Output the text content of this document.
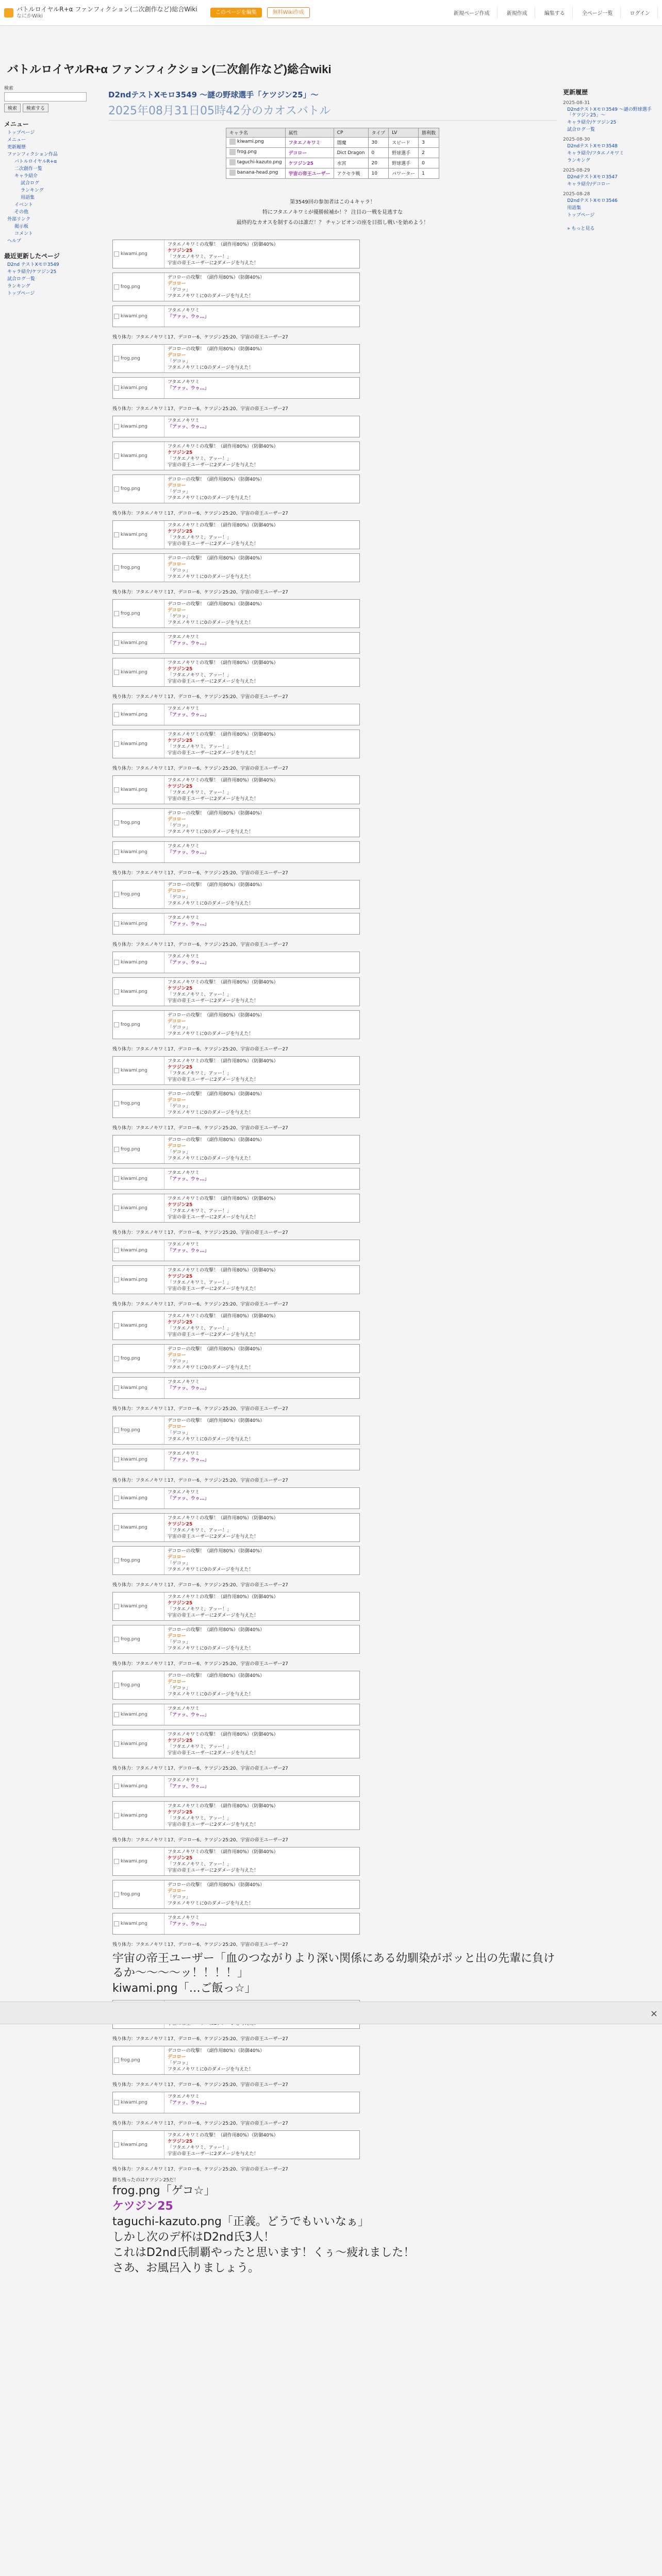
バトルロイヤルR+α ファンフィクション(二次創作など)総合Wiki
なにかWiki
このページを編集	無料Wiki作成	新規ページ作成	新規作成	編集する	全ページ一覧	ログイン
バトルロイヤルR+α ファンフィクション(二次創作など)総合wiki
検索
検索	検索する
メニュー
トップページ
メニュー
更新履歴
ファンフィクション作品
バトルロイヤルR+α
二次創作一覧
キャラ紹介
試合ログ
ランキング
用語集
イベント
その他
外部リンク
掲示板
コメント
ヘルプ
最近更新したページ
D2nd テストXモロ3549
キャラ紹介/ケツジン25
試合ログ一覧
ランキング
トップページ
更新履歴
2025-08-31
D2ndテストXモロ3549 〜謎の野球選手「ケツジン25」〜
キャラ紹介/ケツジン25
試合ログ一覧
2025-08-30
D2ndテストXモロ3548
キャラ紹介/フタエノキワミ
ランキング
2025-08-29
D2ndテストXモロ3547
キャラ紹介/デコロー
2025-08-28
D2ndテストXモロ3546
用語集
トップページ
» もっと見る
D2ndテストXモロ3549 〜謎の野球選手「ケツジン25」〜
2025年08月31日05時42分のカオスバトル
キャラ名	属性	CP	タイプ	LV	勝利数

kiwami.png	フタエノキワミ	闇魔	30	スピード	3

frog.png	デコロー	Dict Dragon	0	野球選手	2

taguchi-kazuto.png	ケツジン25	水宮	20	野球選手	0

banana-head.png	宇宙の帝王ユーザー	アクセラ戦	10	パワーター	1
第3549回の参加者はこの４キャラ！
特にフタエノキワミが優勝候補か！？ 注目の一戦を見逃すな
最終的なカオスを制するのは誰だ！？ チャンピオンの座を目指し戦いを始めよう！
kiwami.png
フタエノキワミの攻撃！（副作用80%）（防御40%）
ケツジン25
「フタエノキワミ、アッー！」
宇宙の帝王ユーザーに2ダメージを与えた！
frog.png
デコローの攻撃！（副作用80%）（防御40%）
デコロー
「ゲコッ」
フタエノキワミに0のダメージを与えた！
kiwami.png
フタエノキワミ
「アァッ、ウゥ…」
残り体力：フタエノキワミ17、デコロー6、ケツジン25:20、宇宙の帝王ユーザー27
frog.png
デコローの攻撃！（副作用80%）（防御40%）
デコロー
「ゲコッ」
フタエノキワミに0のダメージを与えた！
kiwami.png
フタエノキワミ
「アァッ、ウゥ…」
残り体力：フタエノキワミ17、デコロー6、ケツジン25:20、宇宙の帝王ユーザー27
kiwami.png
フタエノキワミ
「アァッ、ウゥ…」
kiwami.png
フタエノキワミの攻撃！（副作用80%）（防御40%）
ケツジン25
「フタエノキワミ、アッー！」
宇宙の帝王ユーザーに2ダメージを与えた！
frog.png
デコローの攻撃！（副作用80%）（防御40%）
デコロー
「ゲコッ」
フタエノキワミに0のダメージを与えた！
残り体力：フタエノキワミ17、デコロー6、ケツジン25:20、宇宙の帝王ユーザー27
kiwami.png
フタエノキワミの攻撃！（副作用80%）（防御40%）
ケツジン25
「フタエノキワミ、アッー！」
宇宙の帝王ユーザーに2ダメージを与えた！
frog.png
デコローの攻撃！（副作用80%）（防御40%）
デコロー
「ゲコッ」
フタエノキワミに0のダメージを与えた！
残り体力：フタエノキワミ17、デコロー6、ケツジン25:20、宇宙の帝王ユーザー27
frog.png
デコローの攻撃！（副作用80%）（防御40%）
デコロー
「ゲコッ」
フタエノキワミに0のダメージを与えた！
kiwami.png
フタエノキワミ
「アァッ、ウゥ…」
kiwami.png
フタエノキワミの攻撃！（副作用80%）（防御40%）
ケツジン25
「フタエノキワミ、アッー！」
宇宙の帝王ユーザーに2ダメージを与えた！
残り体力：フタエノキワミ17、デコロー6、ケツジン25:20、宇宙の帝王ユーザー27
kiwami.png
フタエノキワミ
「アァッ、ウゥ…」
kiwami.png
フタエノキワミの攻撃！（副作用80%）（防御40%）
ケツジン25
「フタエノキワミ、アッー！」
宇宙の帝王ユーザーに2ダメージを与えた！
残り体力：フタエノキワミ17、デコロー6、ケツジン25:20、宇宙の帝王ユーザー27
kiwami.png
フタエノキワミの攻撃！（副作用80%）（防御40%）
ケツジン25
「フタエノキワミ、アッー！」
宇宙の帝王ユーザーに2ダメージを与えた！
frog.png
デコローの攻撃！（副作用80%）（防御40%）
デコロー
「ゲコッ」
フタエノキワミに0のダメージを与えた！
kiwami.png
フタエノキワミ
「アァッ、ウゥ…」
残り体力：フタエノキワミ17、デコロー6、ケツジン25:20、宇宙の帝王ユーザー27
frog.png
デコローの攻撃！（副作用80%）（防御40%）
デコロー
「ゲコッ」
フタエノキワミに0のダメージを与えた！
kiwami.png
フタエノキワミ
「アァッ、ウゥ…」
残り体力：フタエノキワミ17、デコロー6、ケツジン25:20、宇宙の帝王ユーザー27
kiwami.png
フタエノキワミ
「アァッ、ウゥ…」
kiwami.png
フタエノキワミの攻撃！（副作用80%）（防御40%）
ケツジン25
「フタエノキワミ、アッー！」
宇宙の帝王ユーザーに2ダメージを与えた！
frog.png
デコローの攻撃！（副作用80%）（防御40%）
デコロー
「ゲコッ」
フタエノキワミに0のダメージを与えた！
残り体力：フタエノキワミ17、デコロー6、ケツジン25:20、宇宙の帝王ユーザー27
kiwami.png
フタエノキワミの攻撃！（副作用80%）（防御40%）
ケツジン25
「フタエノキワミ、アッー！」
宇宙の帝王ユーザーに2ダメージを与えた！
frog.png
デコローの攻撃！（副作用80%）（防御40%）
デコロー
「ゲコッ」
フタエノキワミに0のダメージを与えた！
残り体力：フタエノキワミ17、デコロー6、ケツジン25:20、宇宙の帝王ユーザー27
frog.png
デコローの攻撃！（副作用80%）（防御40%）
デコロー
「ゲコッ」
フタエノキワミに0のダメージを与えた！
kiwami.png
フタエノキワミ
「アァッ、ウゥ…」
kiwami.png
フタエノキワミの攻撃！（副作用80%）（防御40%）
ケツジン25
「フタエノキワミ、アッー！」
宇宙の帝王ユーザーに2ダメージを与えた！
残り体力：フタエノキワミ17、デコロー6、ケツジン25:20、宇宙の帝王ユーザー27
kiwami.png
フタエノキワミ
「アァッ、ウゥ…」
kiwami.png
フタエノキワミの攻撃！（副作用80%）（防御40%）
ケツジン25
「フタエノキワミ、アッー！」
宇宙の帝王ユーザーに2ダメージを与えた！
残り体力：フタエノキワミ17、デコロー6、ケツジン25:20、宇宙の帝王ユーザー27
kiwami.png
フタエノキワミの攻撃！（副作用80%）（防御40%）
ケツジン25
「フタエノキワミ、アッー！」
宇宙の帝王ユーザーに2ダメージを与えた！
frog.png
デコローの攻撃！（副作用80%）（防御40%）
デコロー
「ゲコッ」
フタエノキワミに0のダメージを与えた！
kiwami.png
フタエノキワミ
「アァッ、ウゥ…」
残り体力：フタエノキワミ17、デコロー6、ケツジン25:20、宇宙の帝王ユーザー27
frog.png
デコローの攻撃！（副作用80%）（防御40%）
デコロー
「ゲコッ」
フタエノキワミに0のダメージを与えた！
kiwami.png
フタエノキワミ
「アァッ、ウゥ…」
残り体力：フタエノキワミ17、デコロー6、ケツジン25:20、宇宙の帝王ユーザー27
kiwami.png
フタエノキワミ
「アァッ、ウゥ…」
kiwami.png
フタエノキワミの攻撃！（副作用80%）（防御40%）
ケツジン25
「フタエノキワミ、アッー！」
宇宙の帝王ユーザーに2ダメージを与えた！
frog.png
デコローの攻撃！（副作用80%）（防御40%）
デコロー
「ゲコッ」
フタエノキワミに0のダメージを与えた！
残り体力：フタエノキワミ17、デコロー6、ケツジン25:20、宇宙の帝王ユーザー27
kiwami.png
フタエノキワミの攻撃！（副作用80%）（防御40%）
ケツジン25
「フタエノキワミ、アッー！」
宇宙の帝王ユーザーに2ダメージを与えた！
frog.png
デコローの攻撃！（副作用80%）（防御40%）
デコロー
「ゲコッ」
フタエノキワミに0のダメージを与えた！
残り体力：フタエノキワミ17、デコロー6、ケツジン25:20、宇宙の帝王ユーザー27
frog.png
デコローの攻撃！（副作用80%）（防御40%）
デコロー
「ゲコッ」
フタエノキワミに0のダメージを与えた！
kiwami.png
フタエノキワミ
「アァッ、ウゥ…」
kiwami.png
フタエノキワミの攻撃！（副作用80%）（防御40%）
ケツジン25
「フタエノキワミ、アッー！」
宇宙の帝王ユーザーに2ダメージを与えた！
残り体力：フタエノキワミ17、デコロー6、ケツジン25:20、宇宙の帝王ユーザー27
kiwami.png
フタエノキワミ
「アァッ、ウゥ…」
kiwami.png
フタエノキワミの攻撃！（副作用80%）（防御40%）
ケツジン25
「フタエノキワミ、アッー！」
宇宙の帝王ユーザーに2ダメージを与えた！
残り体力：フタエノキワミ17、デコロー6、ケツジン25:20、宇宙の帝王ユーザー27
kiwami.png
フタエノキワミの攻撃！（副作用80%）（防御40%）
ケツジン25
「フタエノキワミ、アッー！」
宇宙の帝王ユーザーに2ダメージを与えた！
frog.png
デコローの攻撃！（副作用80%）（防御40%）
デコロー
「ゲコッ」
フタエノキワミに0のダメージを与えた！
kiwami.png
フタエノキワミ
「アァッ、ウゥ…」
残り体力：フタエノキワミ17、デコロー6、ケツジン25:20、宇宙の帝王ユーザー27
宇宙の帝王ユーザー「血のつながりより深い関係にある幼馴染がポッと出の先輩に負けるか〜〜〜〜ッ！！！！」
kiwami.png「…ご飯っ☆」
残り体力：フタエノキワミ17、デコロー6、ケツジン25:20、宇宙の帝王ユーザー27
frog.png
デコローの攻撃！（副作用80%）（防御40%）
デコロー
「ゲコッ」
フタエノキワミに0のダメージを与えた！
残り体力：フタエノキワミ17、デコロー6、ケツジン25:20、宇宙の帝王ユーザー27
kiwami.png
フタエノキワミ
「アァッ、ウゥ…」
残り体力：フタエノキワミ17、デコロー6、ケツジン25:20、宇宙の帝王ユーザー27
kiwami.png
フタエノキワミの攻撃！（副作用80%）（防御40%）
ケツジン25
「フタエノキワミ、アッー！」
宇宙の帝王ユーザーに2ダメージを与えた！
残り体力：フタエノキワミ17、デコロー6、ケツジン25:20、宇宙の帝王ユーザー27
勝ち残ったのはケツジン25だ！
frog.png「ゲコ☆」
ケツジン25
taguchi-kazuto.png「正義。どうでもいいなぁ」
しかし次のデ杯はD2nd氏3人！
これはD2nd氏制覇やったと思います！くぅ〜疲れました！
さあ、お風呂入りましょう。

×
